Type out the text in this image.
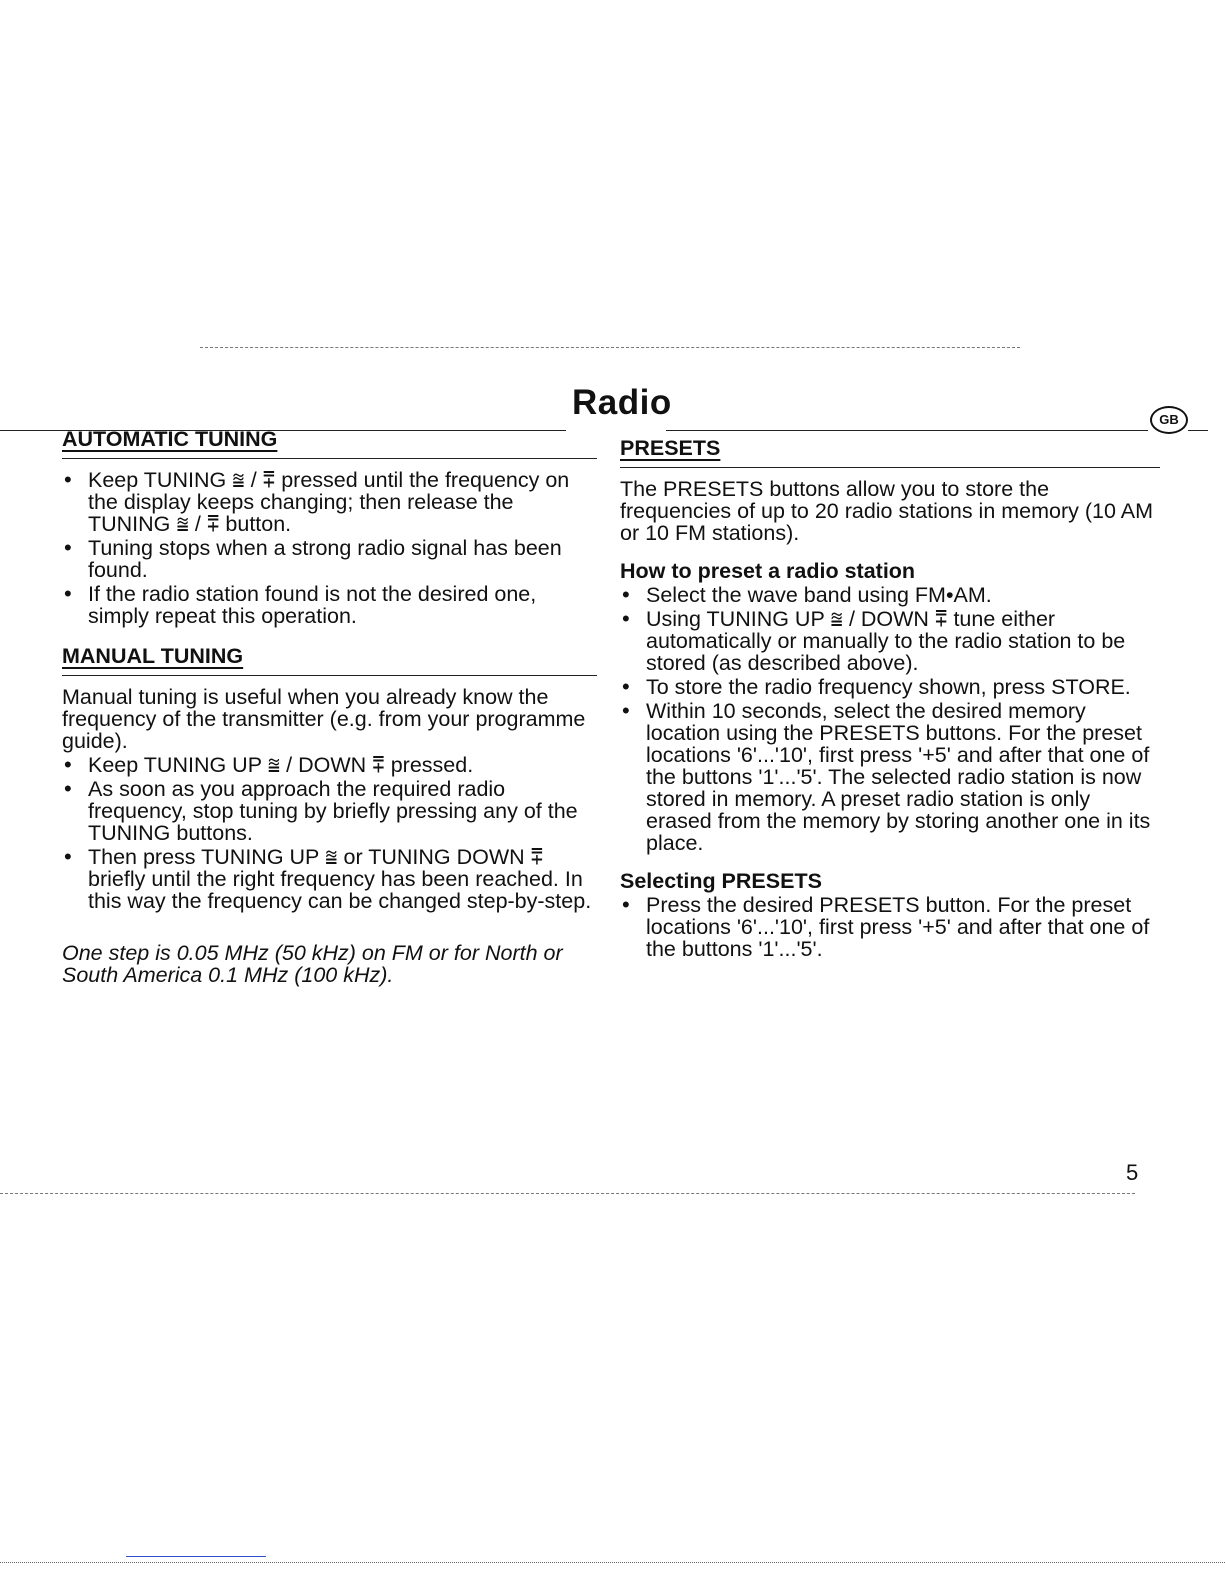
Radio	GB
AUTOMATIC TUNING
• Keep TUNING ⩰ / ⩱ pressed until the frequency on the display keeps changing; then release the TUNING ⩰ / ⩱ button.
• Tuning stops when a strong radio signal has been found.
• If the radio station found is not the desired one, simply repeat this operation.
MANUAL TUNING

Manual tuning is useful when you already know the frequency of the transmitter (e.g. from your programme guide).

• Keep TUNING UP ⩰ / DOWN ⩱ pressed.
• As soon as you approach the required radio frequency, stop tuning by briefly pressing any of the TUNING buttons.
• Then press TUNING UP ⩰ or TUNING DOWN ⩱ briefly until the right frequency has been reached. In this way the frequency can be changed step-by-step.

One step is 0.05 MHz (50 kHz) on FM or for North or South America 0.1 MHz (100 kHz).

PRESETS

The PRESETS buttons allow you to store the frequencies of up to 20 radio stations in memory (10 AM or 10 FM stations).

How to preset a radio station
• Select the wave band using FM•AM.
• Using TUNING UP ⩰ / DOWN ⩱ tune either automatically or manually to the radio station to be stored (as described above).
• To store the radio frequency shown, press STORE.
• Within 10 seconds, select the desired memory location using the PRESETS buttons. For the preset locations '6'...'10', first press '+5' and after that one of the buttons '1'...'5'. The selected radio station is now stored in memory. A preset radio station is only erased from the memory by storing another one in its place.
Selecting PRESETS
• Press the desired PRESETS button. For the preset locations '6'...'10', first press '+5' and after that one of the buttons '1'...'5'.
5
